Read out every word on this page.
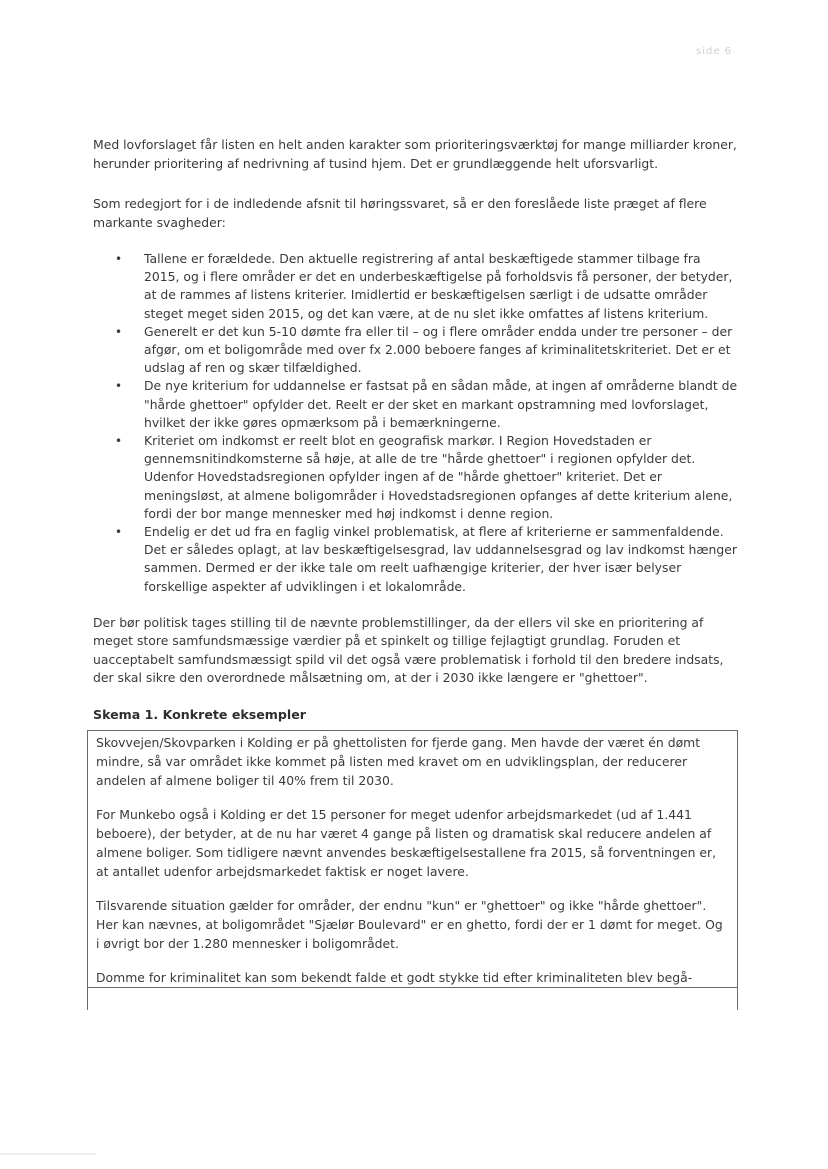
side 6

Med lovforslaget får listen en helt anden karakter som prioriteringsværktøj for mange milliarder kroner, herunder prioritering af nedrivning af tusind hjem. Det er grundlæggende helt uforsvarligt.

Som redegjort for i de indledende afsnit til høringssvaret, så er den foreslåede liste præget af flere markante svagheder:

• Tallene er forældede. Den aktuelle registrering af antal beskæftigede stammer tilbage fra 2015, og i flere områder er det en underbeskæftigelse på forholdsvis få personer, der betyder, at de rammes af listens kriterier. Imidlertid er beskæftigelsen særligt i de udsatte områder steget meget siden 2015, og det kan være, at de nu slet ikke omfattes af listens kriterium.
• Generelt er det kun 5-10 dømte fra eller til – og i flere områder endda under tre personer – der afgør, om et boligområde med over fx 2.000 beboere fanges af kriminalitetskriteriet. Det er et udslag af ren og skær tilfældighed.
• De nye kriterium for uddannelse er fastsat på en sådan måde, at ingen af områderne blandt de "hårde ghettoer" opfylder det. Reelt er der sket en markant opstramning med lovforslaget, hvilket der ikke gøres opmærksom på i bemærkningerne.
• Kriteriet om indkomst er reelt blot en geografisk markør. I Region Hovedstaden er gennemsnitindkomsterne så høje, at alle de tre "hårde ghettoer" i regionen opfylder det. Udenfor Hovedstadsregionen opfylder ingen af de "hårde ghettoer" kriteriet. Det er meningsløst, at almene boligområder i Hovedstadsregionen opfanges af dette kriterium alene, fordi der bor mange mennesker med høj indkomst i denne region.
• Endelig er det ud fra en faglig vinkel problematisk, at flere af kriterierne er sammenfaldende. Det er således oplagt, at lav beskæftigelsesgrad, lav uddannelsesgrad og lav indkomst hænger sammen. Dermed er der ikke tale om reelt uafhængige kriterier, der hver især belyser forskellige aspekter af udviklingen i et lokalområde.

Der bør politisk tages stilling til de nævnte problemstillinger, da der ellers vil ske en prioritering af meget store samfundsmæssige værdier på et spinkelt og tillige fejlagtigt grundlag. Foruden et uacceptabelt samfundsmæssigt spild vil det også være problematisk i forhold til den bredere indsats, der skal sikre den overordnede målsætning om, at der i 2030 ikke længere er "ghettoer".

Skema 1. Konkrete eksempler

Skovvejen/Skovparken i Kolding er på ghettolisten for fjerde gang. Men havde der været én dømt mindre, så var området ikke kommet på listen med kravet om en udviklingsplan, der reducerer andelen af almene boliger til 40% frem til 2030.

For Munkebo også i Kolding er det 15 personer for meget udenfor arbejdsmarkedet (ud af 1.441 beboere), der betyder, at de nu har været 4 gange på listen og dramatisk skal reducere andelen af almene boliger. Som tidligere nævnt anvendes beskæftigelsestallene fra 2015, så forventningen er, at antallet udenfor arbejdsmarkedet faktisk er noget lavere.

Tilsvarende situation gælder for områder, der endnu "kun" er "ghettoer" og ikke "hårde ghettoer". Her kan nævnes, at boligområdet "Sjælør Boulevard" er en ghetto, fordi der er 1 dømt for meget. Og i øvrigt bor der 1.280 mennesker i boligområdet.

Domme for kriminalitet kan som bekendt falde et godt stykke tid efter kriminaliteten blev begå-
